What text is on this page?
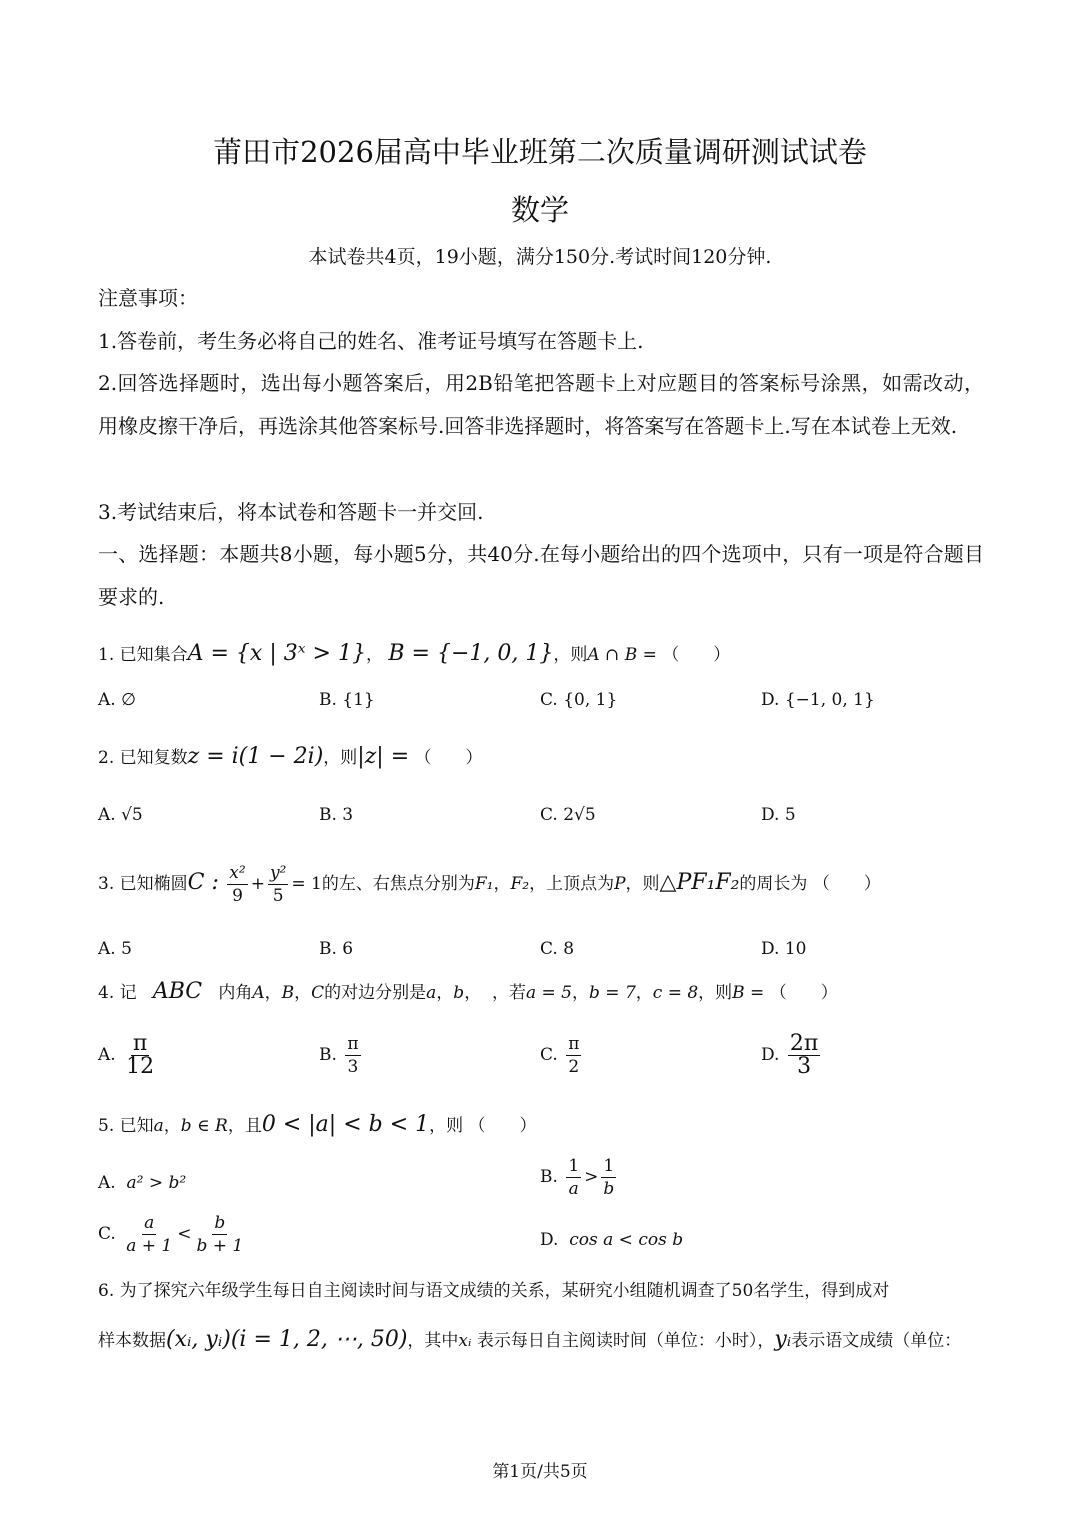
莆田市2026届高中毕业班第二次质量调研测试试卷
数学
本试卷共4页，19小题，满分150分.考试时间120分钟.
注意事项：
1.答卷前，考生务必将自己的姓名、准考证号填写在答题卡上.
2.回答选择题时，选出每小题答案后，用2B铅笔把答题卡上对应题目的答案标号涂黑，如需改动，用橡皮擦干净后，再选涂其他答案标号.回答非选择题时，将答案写在答题卡上.写在本试卷上无效.
3.考试结束后，将本试卷和答题卡一并交回.
一、选择题：本题共8小题，每小题5分，共40分.在每小题给出的四个选项中，只有一项是符合题目要求的.
1. 已知集合A = {x | 3ˣ > 1}， B = {−1, 0, 1}，则A ∩ B = （　　）
A. ∅	B. {1}	C. {0, 1}	D. {−1, 0, 1}
2. 已知复数z = i(1 − 2i)，则|z| = （　　）
A. √5	B. 3	C. 2√5	D. 5
3. 已知椭圆C : $\frac{\text{x²}}{9} + \frac{\text{y²}}{5} = 1$的左、右焦点分别为F₁，F₂，上顶点为P，则△PF₁F₂的周长为 （　　）
A. 5	B. 6	C. 8	D. 10
4. 记 ABC 内角A，B，C的对边分别是a，b， ，若a = 5，b = 7，c = 8，则B = （　　）
A. $\frac{\pi}{12}$	B. $\frac{\pi}{3}$	C. $\frac{\pi}{2}$	D. $\frac{2\pi}{3}$
5. 已知a，b ∈ R，且0 < |a| < b < 1，则 （　　）
A. a² > b²	B. $\frac{1}{a} > \frac{1}{b}$
C. $\frac{a}{a + 1} < \frac{b}{b + 1}$	D. cos a < cos b
6. 为了探究六年级学生每日自主阅读时间与语文成绩的关系，某研究小组随机调查了50名学生，得到成对
样本数据(xᵢ, yᵢ)(i = 1, 2, ⋯, 50)，其中xᵢ 表示每日自主阅读时间（单位：小时），yᵢ表示语文成绩（单位：
第1页/共5页
